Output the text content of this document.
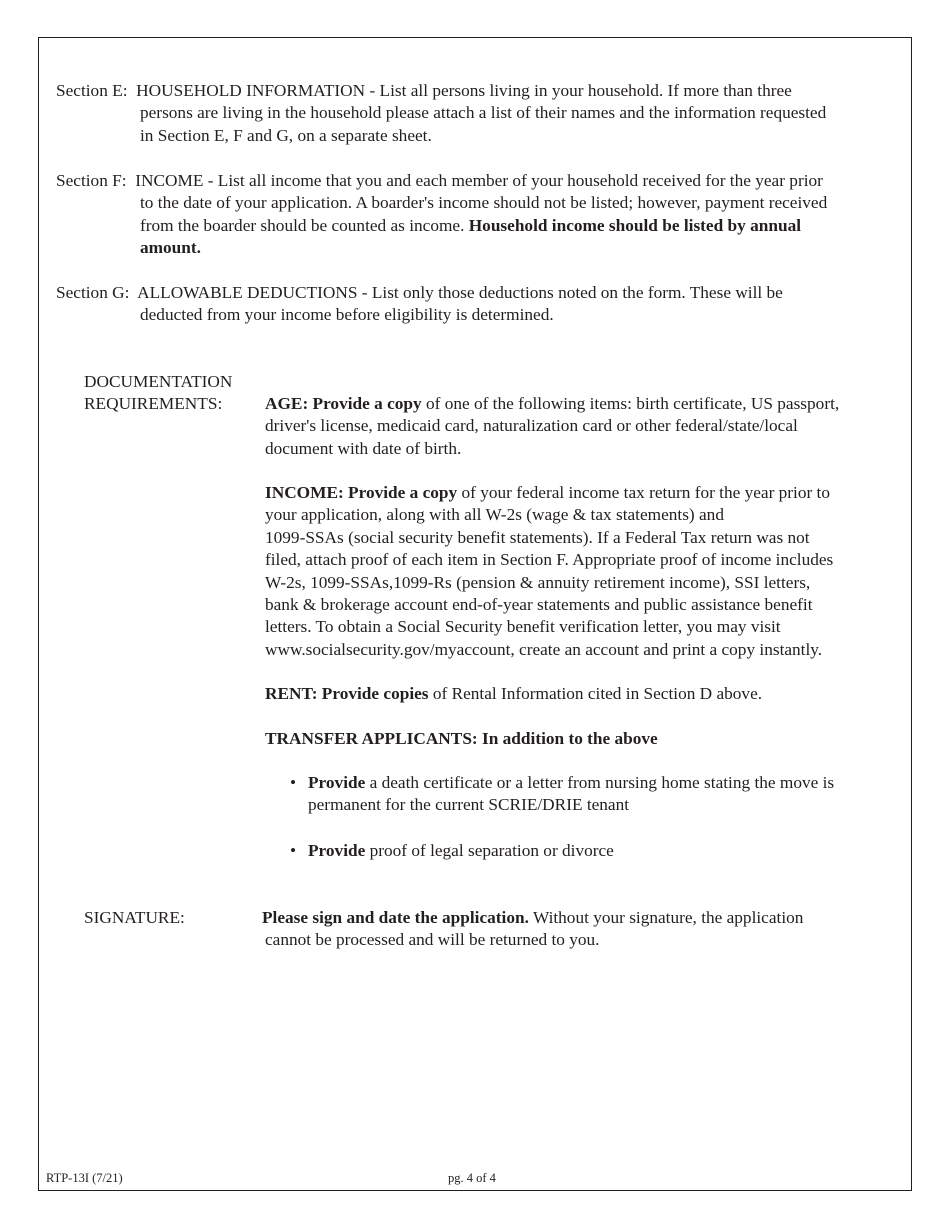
Section E: HOUSEHOLD INFORMATION - List all persons living in your household. If more than three
persons are living in the household please attach a list of their names and the information requested
in Section E, F and G, on a separate sheet.
Section F: INCOME - List all income that you and each member of your household received for the year prior
to the date of your application. A boarder's income should not be listed; however, payment received
from the boarder should be counted as income. Household income should be listed by annual
amount.
Section G: ALLOWABLE DEDUCTIONS - List only those deductions noted on the form. These will be
deducted from your income before eligibility is determined.
DOCUMENTATION
REQUIREMENTS: AGE: Provide a copy of one of the following items: birth certificate, US passport,
driver's license, medicaid card, naturalization card or other federal/state/local
document with date of birth.
INCOME: Provide a copy of your federal income tax return for the year prior to
your application, along with all W-2s (wage & tax statements) and
1099-SSAs (social security benefit statements). If a Federal Tax return was not
filed, attach proof of each item in Section F. Appropriate proof of income includes
W-2s, 1099-SSAs,1099-Rs (pension & annuity retirement income), SSI letters,
bank & brokerage account end-of-year statements and public assistance benefit
letters. To obtain a Social Security benefit verification letter, you may visit
www.socialsecurity.gov/myaccount, create an account and print a copy instantly.
RENT: Provide copies of Rental Information cited in Section D above.
TRANSFER APPLICANTS: In addition to the above
• Provide a death certificate or a letter from nursing home stating the move is
permanent for the current SCRIE/DRIE tenant
• Provide proof of legal separation or divorce
SIGNATURE:	Please sign and date the application. Without your signature, the application
cannot be processed and will be returned to you.
RTP-13I (7/21)	pg. 4 of 4
